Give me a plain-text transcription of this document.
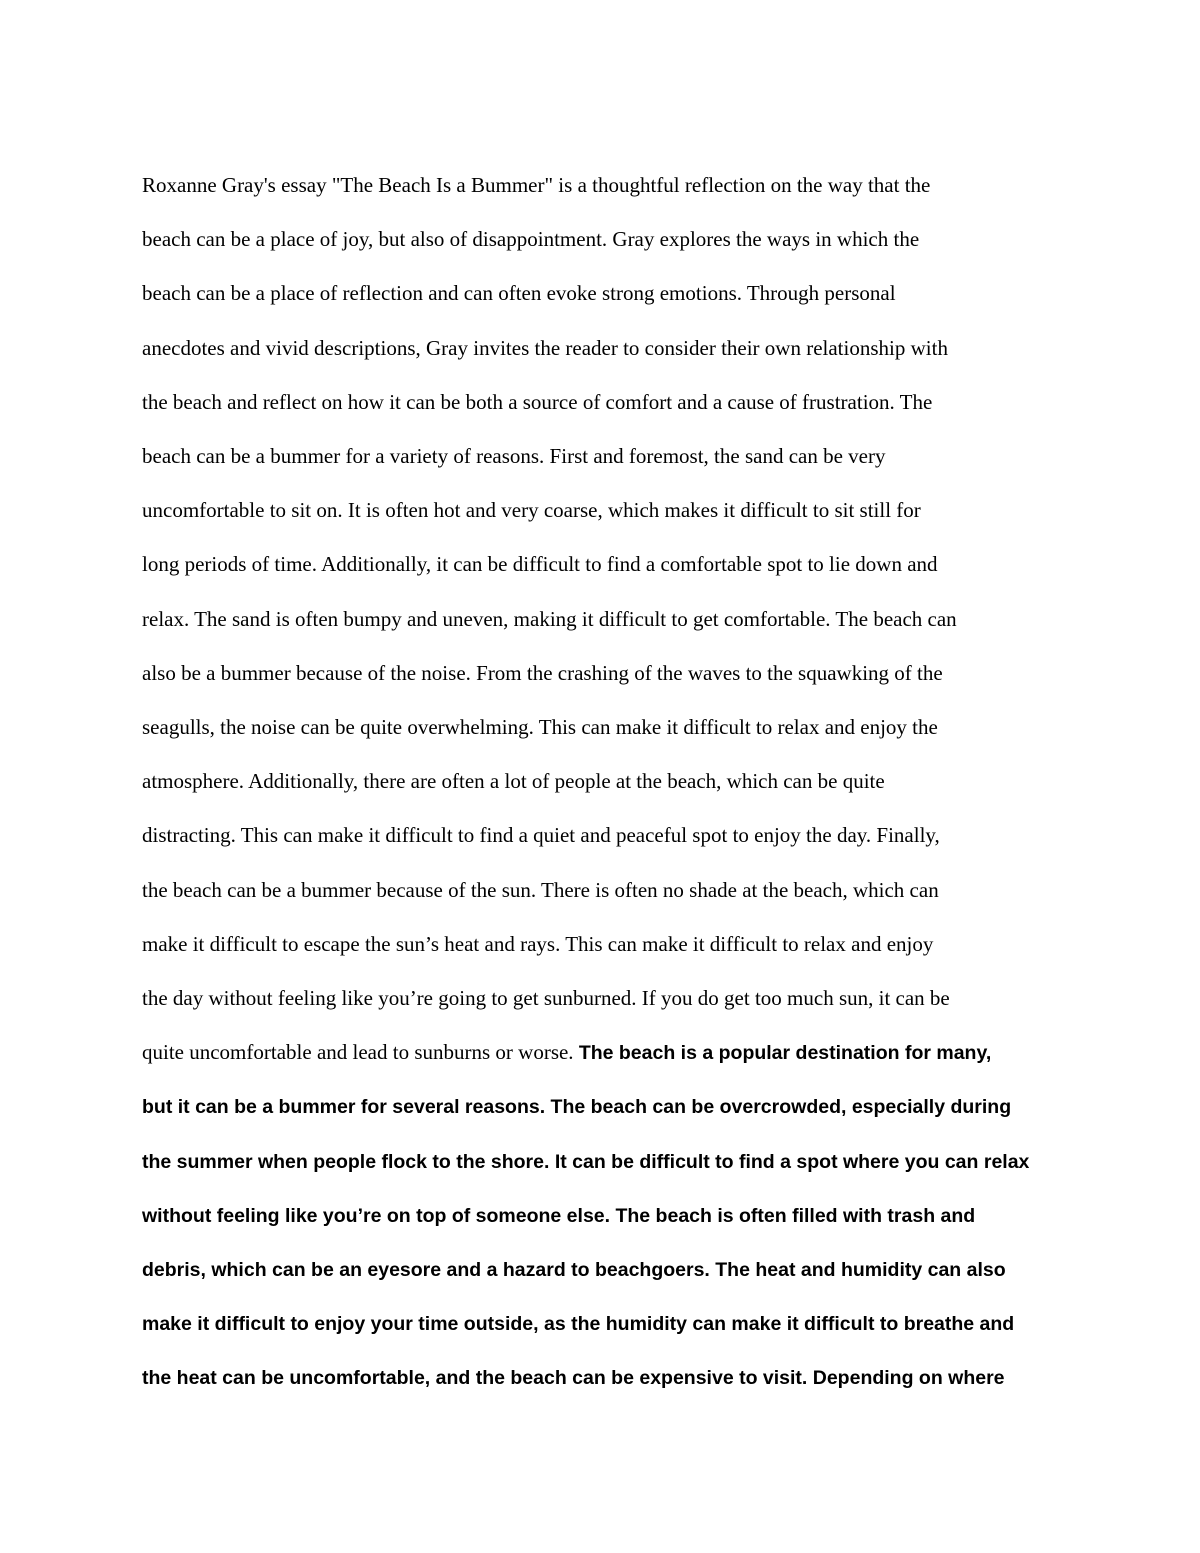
Roxanne Gray's essay "The Beach Is a Bummer" is a thoughtful reflection on the way that the
beach can be a place of joy, but also of disappointment. Gray explores the ways in which the
beach can be a place of reflection and can often evoke strong emotions. Through personal
anecdotes and vivid descriptions, Gray invites the reader to consider their own relationship with
the beach and reflect on how it can be both a source of comfort and a cause of frustration. The
beach can be a bummer for a variety of reasons. First and foremost, the sand can be very
uncomfortable to sit on. It is often hot and very coarse, which makes it difficult to sit still for
long periods of time. Additionally, it can be difficult to find a comfortable spot to lie down and
relax. The sand is often bumpy and uneven, making it difficult to get comfortable. The beach can
also be a bummer because of the noise. From the crashing of the waves to the squawking of the
seagulls, the noise can be quite overwhelming. This can make it difficult to relax and enjoy the
atmosphere. Additionally, there are often a lot of people at the beach, which can be quite
distracting. This can make it difficult to find a quiet and peaceful spot to enjoy the day. Finally,
the beach can be a bummer because of the sun. There is often no shade at the beach, which can
make it difficult to escape the sun’s heat and rays. This can make it difficult to relax and enjoy
the day without feeling like you’re going to get sunburned. If you do get too much sun, it can be
quite uncomfortable and lead to sunburns or worse. The beach is a popular destination for many,
but it can be a bummer for several reasons. The beach can be overcrowded, especially during
the summer when people flock to the shore. It can be difficult to find a spot where you can relax
without feeling like you’re on top of someone else. The beach is often filled with trash and
debris, which can be an eyesore and a hazard to beachgoers. The heat and humidity can also
make it difficult to enjoy your time outside, as the humidity can make it difficult to breathe and
the heat can be uncomfortable, and the beach can be expensive to visit. Depending on where
